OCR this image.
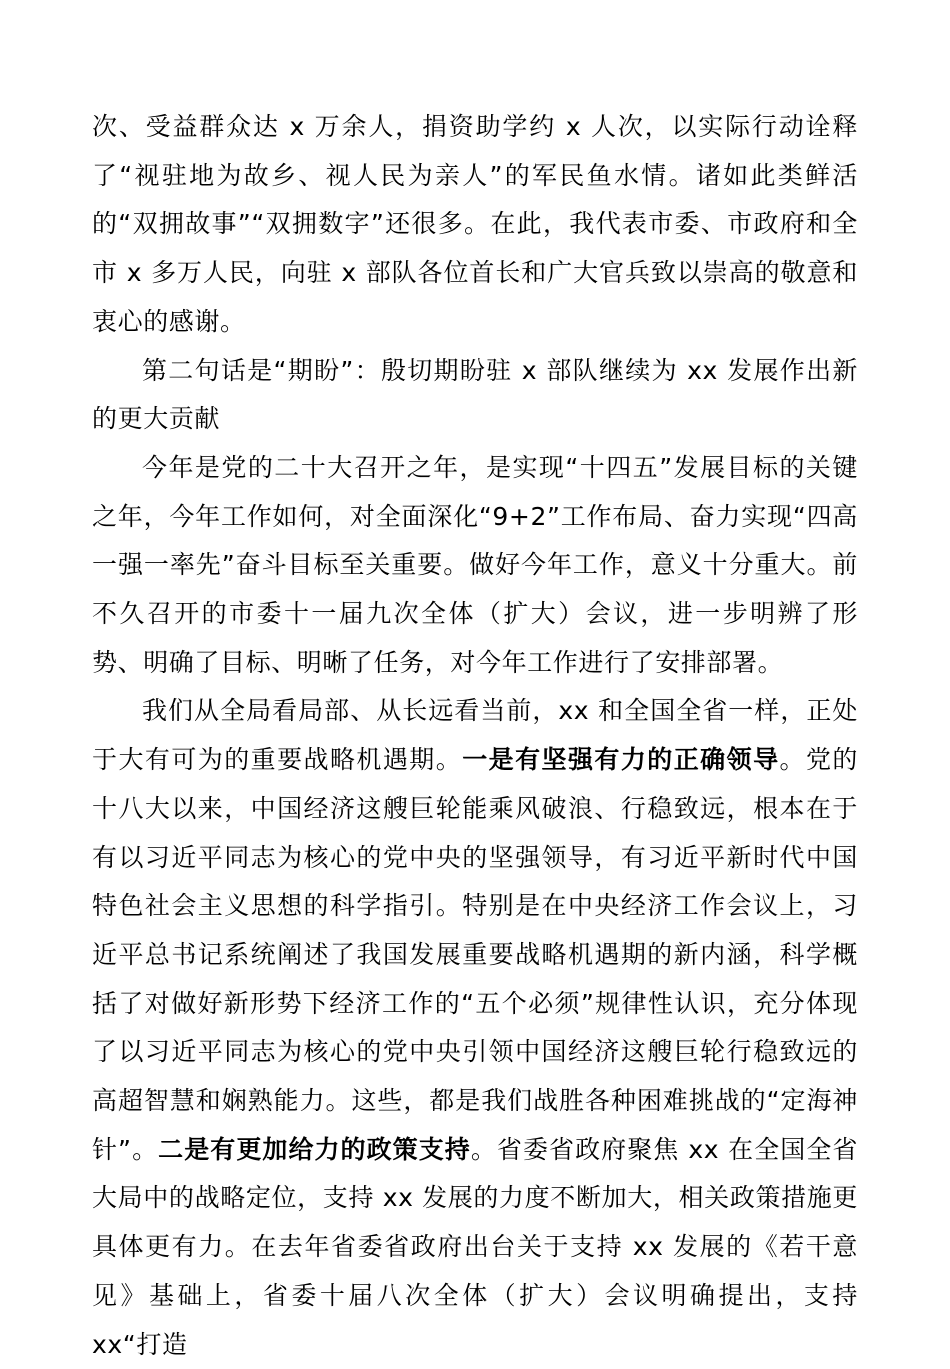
次、受益群众达 x 万余人，捐资助学约 x 人次，以实际行动诠释了“视驻地为故乡、视人民为亲人”的军民鱼水情。诸如此类鲜活的“双拥故事”“双拥数字”还很多。在此，我代表市委、市政府和全市 x 多万人民，向驻 x 部队各位首长和广大官兵致以崇高的敬意和衷心的感谢。

第二句话是“期盼”：殷切期盼驻 x 部队继续为 xx 发展作出新的更大贡献

今年是党的二十大召开之年，是实现“十四五”发展目标的关键之年，今年工作如何，对全面深化“9+2”工作布局、奋力实现“四高一强一率先”奋斗目标至关重要。做好今年工作，意义十分重大。前不久召开的市委十一届九次全体（扩大）会议，进一步明辨了形势、明确了目标、明晰了任务，对今年工作进行了安排部署。

我们从全局看局部、从长远看当前，xx 和全国全省一样，正处于大有可为的重要战略机遇期。一是有坚强有力的正确领导。党的十八大以来，中国经济这艘巨轮能乘风破浪、行稳致远，根本在于有以习近平同志为核心的党中央的坚强领导，有习近平新时代中国特色社会主义思想的科学指引。特别是在中央经济工作会议上，习近平总书记系统阐述了我国发展重要战略机遇期的新内涵，科学概括了对做好新形势下经济工作的“五个必须”规律性认识，充分体现了以习近平同志为核心的党中央引领中国经济这艘巨轮行稳致远的高超智慧和娴熟能力。这些，都是我们战胜各种困难挑战的“定海神针”。二是有更加给力的政策支持。省委省政府聚焦 xx 在全国全省大局中的战略定位，支持 xx 发展的力度不断加大，相关政策措施更具体更有力。在去年省委省政府出台关于支持 xx 发展的《若干意见》基础上，省委十届八次全体（扩大）会议明确提出，支持 xx“打造
